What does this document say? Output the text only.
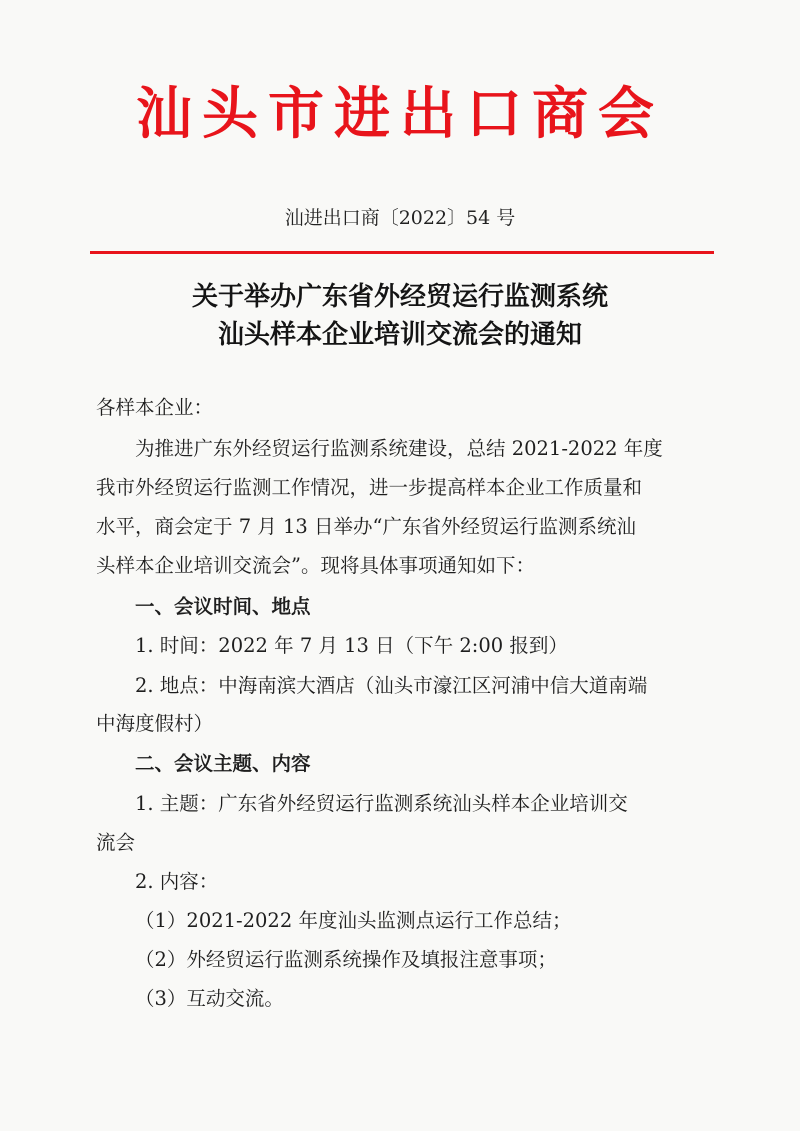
汕头市进出口商会
汕进出口商〔2022〕54 号
关于举办广东省外经贸运行监测系统
汕头样本企业培训交流会的通知
各样本企业：
为推进广东外经贸运行监测系统建设，总结 2021-2022 年度
我市外经贸运行监测工作情况，进一步提高样本企业工作质量和
水平，商会定于 7 月 13 日举办“广东省外经贸运行监测系统汕
头样本企业培训交流会”。现将具体事项通知如下：
一、会议时间、地点
1. 时间：2022 年 7 月 13 日（下午 2:00 报到）
2. 地点：中海南滨大酒店（汕头市濠江区河浦中信大道南端
中海度假村）
二、会议主题、内容
1. 主题：广东省外经贸运行监测系统汕头样本企业培训交
流会
2. 内容：
（1）2021-2022 年度汕头监测点运行工作总结；
（2）外经贸运行监测系统操作及填报注意事项；
（3）互动交流。
